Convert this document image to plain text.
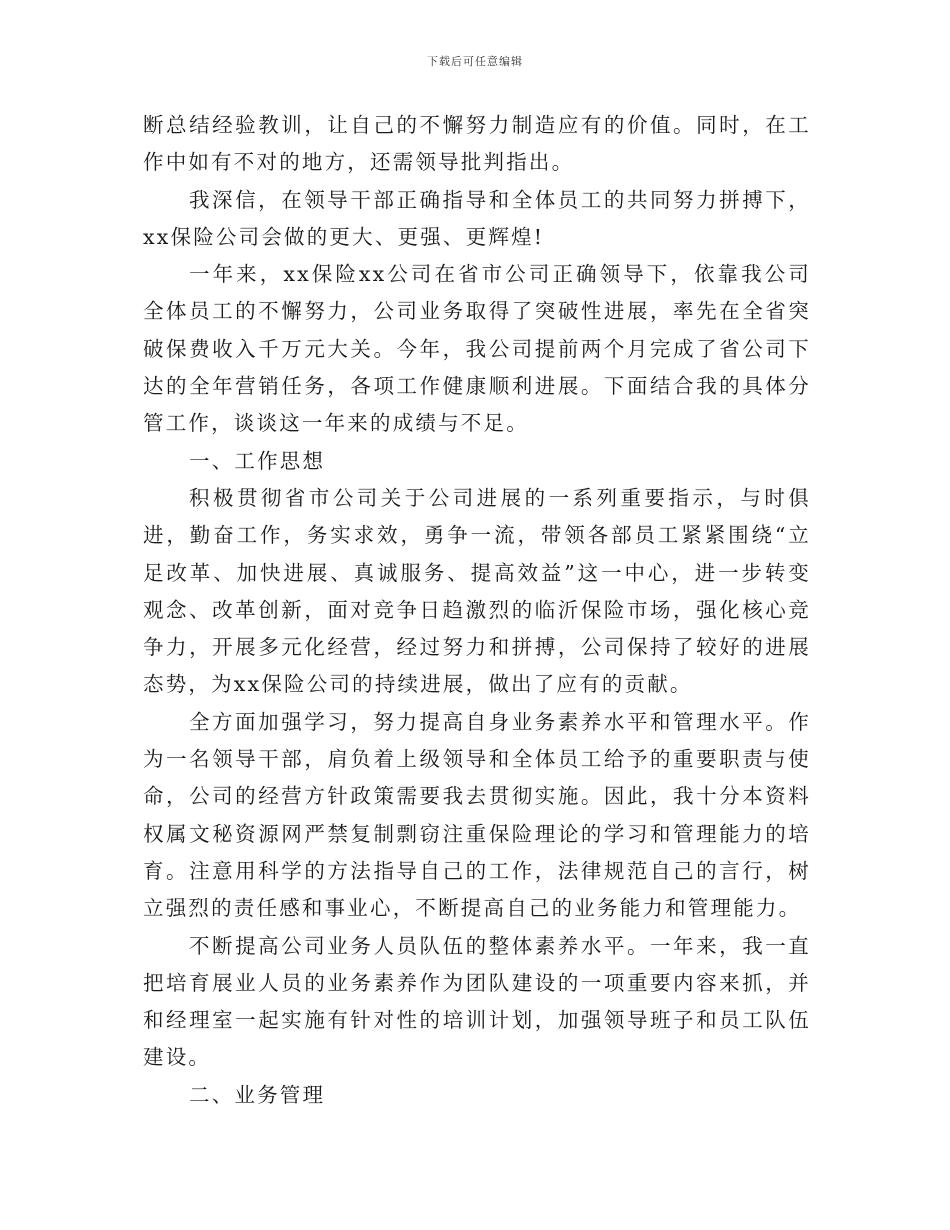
下载后可任意编辑

断总结经验教训，让自己的不懈努力制造应有的价值。同时，在工作中如有不对的地方，还需领导批判指出。

我深信，在领导干部正确指导和全体员工的共同努力拼搏下，xx保险公司会做的更大、更强、更辉煌!

一年来，xx保险xx公司在省市公司正确领导下，依靠我公司全体员工的不懈努力，公司业务取得了突破性进展，率先在全省突破保费收入千万元大关。今年，我公司提前两个月完成了省公司下达的全年营销任务，各项工作健康顺利进展。下面结合我的具体分管工作，谈谈这一年来的成绩与不足。

一、工作思想

积极贯彻省市公司关于公司进展的一系列重要指示，与时俱进，勤奋工作，务实求效，勇争一流，带领各部员工紧紧围绕“立足改革、加快进展、真诚服务、提高效益”这一中心，进一步转变观念、改革创新，面对竞争日趋激烈的临沂保险市场，强化核心竞争力，开展多元化经营，经过努力和拼搏，公司保持了较好的进展态势，为xx保险公司的持续进展，做出了应有的贡献。

全方面加强学习，努力提高自身业务素养水平和管理水平。作为一名领导干部，肩负着上级领导和全体员工给予的重要职责与使命，公司的经营方针政策需要我去贯彻实施。因此，我十分本资料权属文秘资源网严禁复制剽窃注重保险理论的学习和管理能力的培育。注意用科学的方法指导自己的工作，法律规范自己的言行，树立强烈的责任感和事业心，不断提高自己的业务能力和管理能力。

不断提高公司业务人员队伍的整体素养水平。一年来，我一直把培育展业人员的业务素养作为团队建设的一项重要内容来抓，并和经理室一起实施有针对性的培训计划，加强领导班子和员工队伍建设。

二、业务管理
